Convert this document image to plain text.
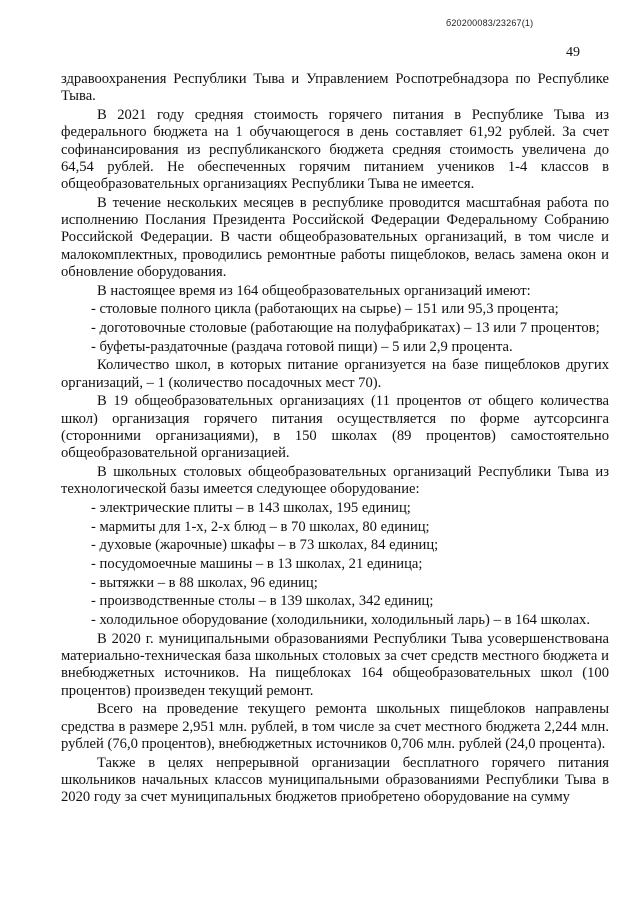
б20200083/23267(1)
49

здравоохранения Республики Тыва и Управлением Роспотребнадзора по Республике Тыва.

В 2021 году средняя стоимость горячего питания в Республике Тыва из федерального бюджета на 1 обучающегося в день составляет 61,92 рублей. За счет софинансирования из республиканского бюджета средняя стоимость увеличена до 64,54 рублей. Не обеспеченных горячим питанием учеников 1-4 классов в общеобразовательных организациях Республики Тыва не имеется.

В течение нескольких месяцев в республике проводится масштабная работа по исполнению Послания Президента Российской Федерации Федеральному Собранию Российской Федерации. В части общеобразовательных организаций, в том числе и малокомплектных, проводились ремонтные работы пищеблоков, велась замена окон и обновление оборудования.

В настоящее время из 164 общеобразовательных организаций имеют:

- столовые полного цикла (работающих на сырье) – 151 или 95,3 процента;

- доготовочные столовые (работающие на полуфабрикатах) – 13 или 7 процентов;

- буфеты-раздаточные (раздача готовой пищи) – 5 или 2,9 процента.

Количество школ, в которых питание организуется на базе пищеблоков других организаций, – 1 (количество посадочных мест 70).

В 19 общеобразовательных организациях (11 процентов от общего количества школ) организация горячего питания осуществляется по форме аутсорсинга (сторонними организациями), в 150 школах (89 процентов) самостоятельно общеобразовательной организацией.

В школьных столовых общеобразовательных организаций Республики Тыва из технологической базы имеется следующее оборудование:

- электрические плиты – в 143 школах, 195 единиц;

- мармиты для 1-х, 2-х блюд – в 70 школах, 80 единиц;

- духовые (жарочные) шкафы – в 73 школах, 84 единиц;

- посудомоечные машины – в 13 школах, 21 единица;

- вытяжки – в 88 школах, 96 единиц;

- производственные столы – в 139 школах, 342 единиц;

- холодильное оборудование (холодильники, холодильный ларь) – в 164 школах.

В 2020 г. муниципальными образованиями Республики Тыва усовершенствована материально-техническая база школьных столовых за счет средств местного бюджета и внебюджетных источников. На пищеблоках 164 общеобразовательных школ (100 процентов) произведен текущий ремонт.

Всего на проведение текущего ремонта школьных пищеблоков направлены средства в размере 2,951 млн. рублей, в том числе за счет местного бюджета 2,244 млн. рублей (76,0 процентов), внебюджетных источников 0,706 млн. рублей (24,0 процента).

Также в целях непрерывной организации бесплатного горячего питания школьников начальных классов муниципальными образованиями Республики Тыва в 2020 году за счет муниципальных бюджетов приобретено оборудование на сумму
